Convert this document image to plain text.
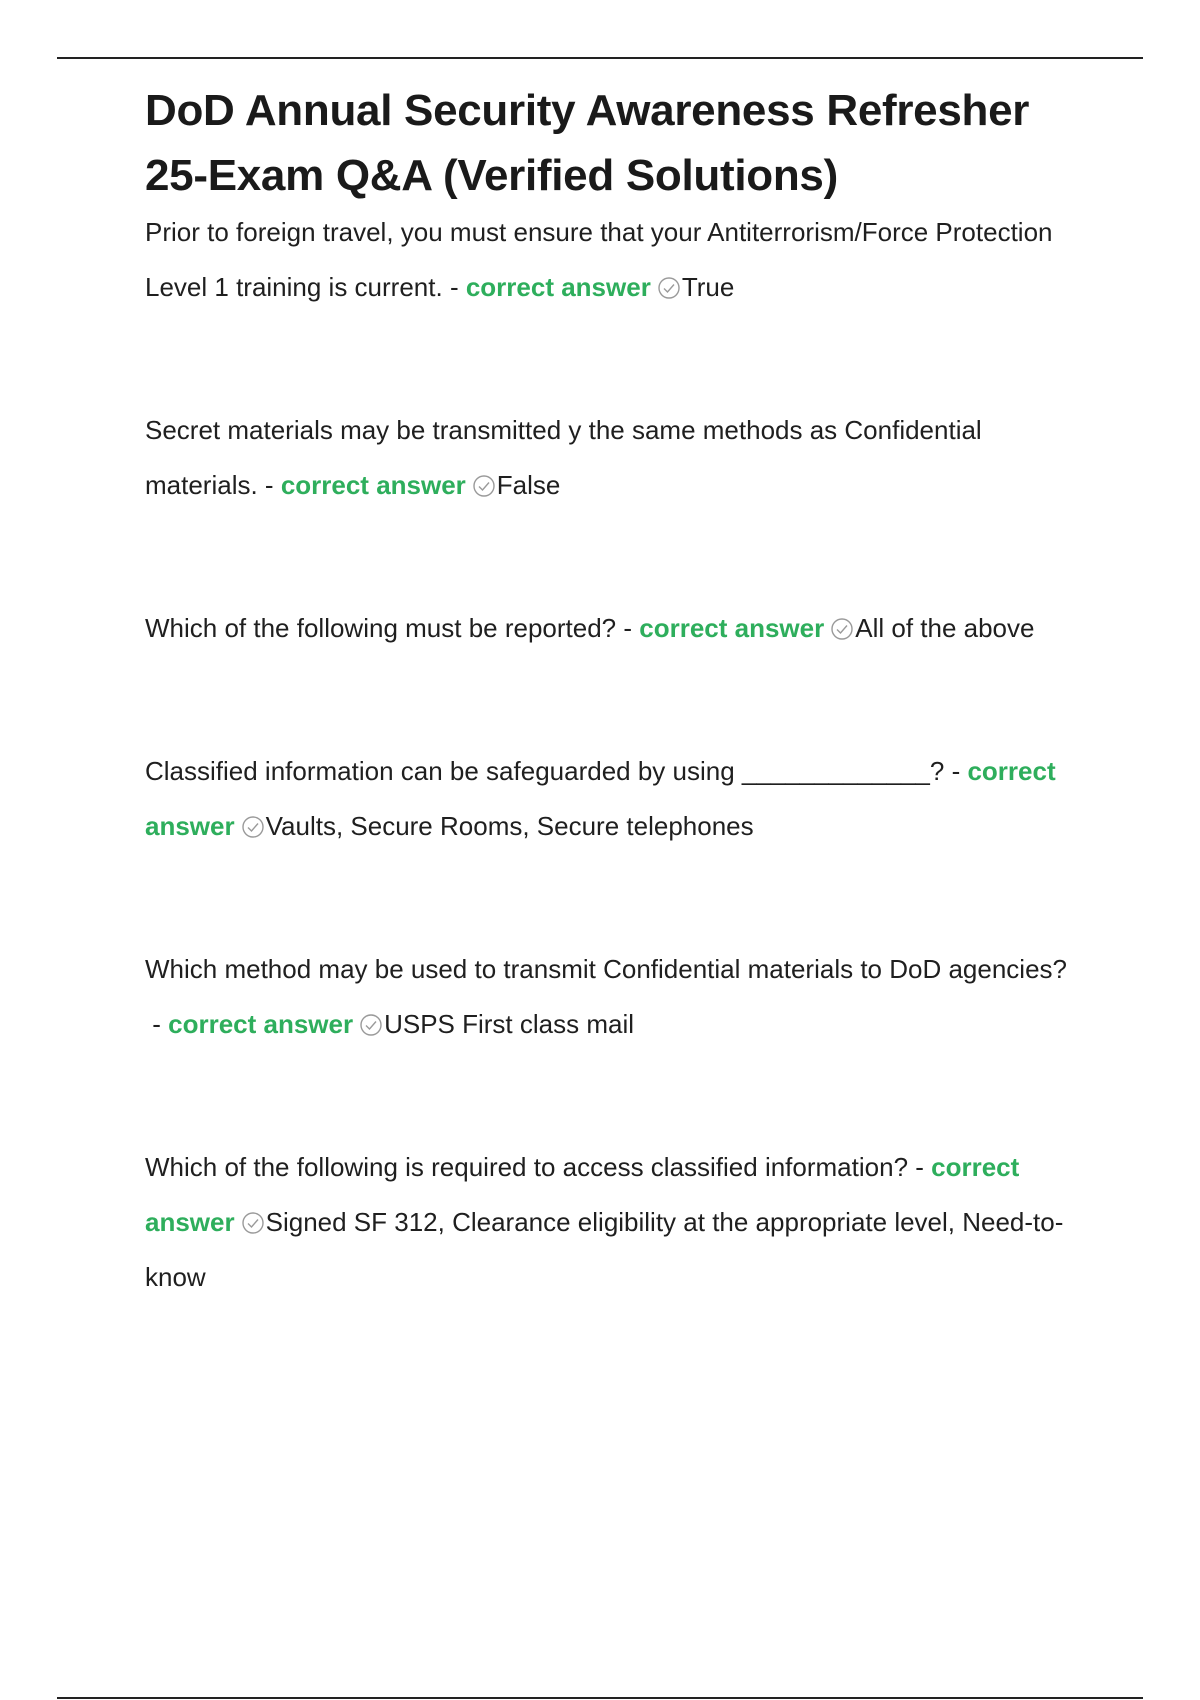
DoD Annual Security Awareness Refresher
25-Exam Q&A (Verified Solutions)

Prior to foreign travel, you must ensure that your Antiterrorism/Force Protection Level 1 training is current. - correct answer True

Secret materials may be transmitted y the same methods as Confidential materials. - correct answer False

Which of the following must be reported? - correct answer All of the above

Classified information can be safeguarded by using _____________? - correct answer Vaults, Secure Rooms, Secure telephones

Which method may be used to transmit Confidential materials to DoD agencies? - correct answer USPS First class mail

Which of the following is required to access classified information? - correct answer Signed SF 312, Clearance eligibility at the appropriate level, Need-to-know
